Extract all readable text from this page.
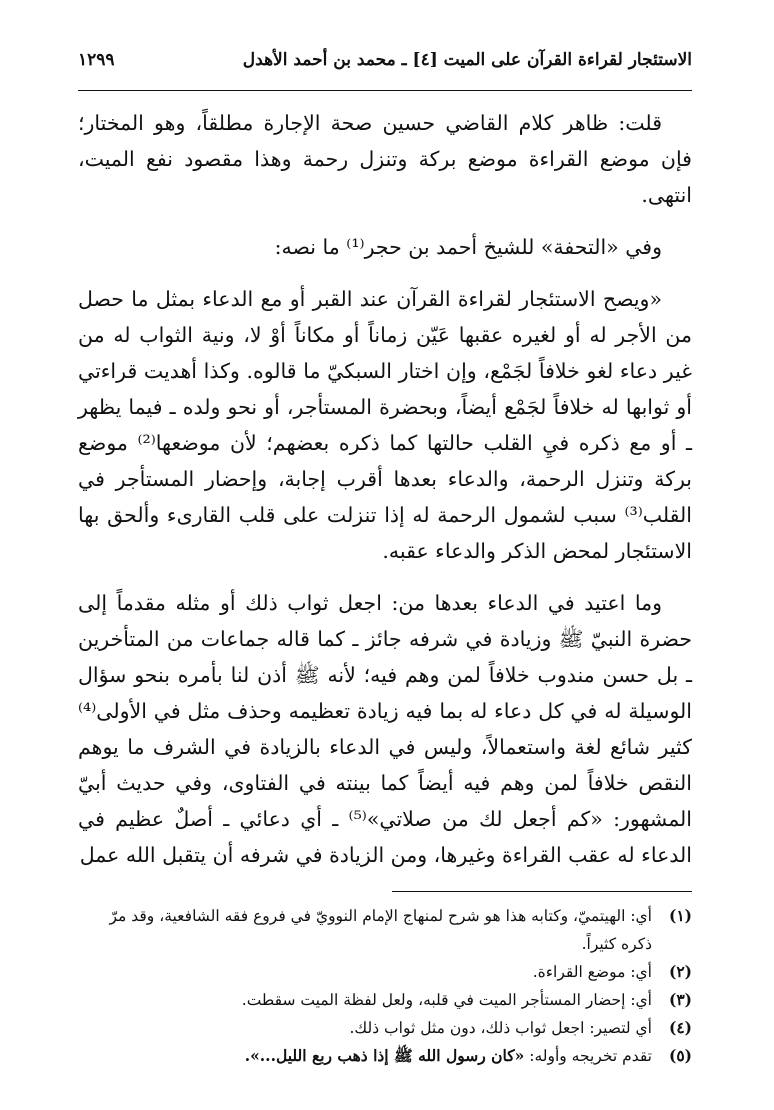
الاستئجار لقراءة القرآن على الميت [٤] ـ محمد بن أحمد الأهدل
١٢٩٩

قلت: ظاهر كلام القاضي حسين صحة الإجارة مطلقاً، وهو المختار؛ فإن موضع القراءة موضع بركة وتنزل رحمة وهذا مقصود نفع الميت، انتهى.

وفي «التحفة» للشيخ أحمد بن حجر⁽¹⁾ ما نصه:

«ويصح الاستئجار لقراءة القرآن عند القبر أو مع الدعاء بمثل ما حصل من الأجر له أو لغيره عقبها عَيّن زماناً أو مكاناً أوْ لا، ونية الثواب له من غير دعاء لغو خلافاً لجَمْع، وإن اختار السبكيّ ما قالوه. وكذا أهديت قراءتي أو ثوابها له خلافاً لجَمْع أيضاً، وبحضرة المستأجر، أو نحو ولده ـ فيما يظهر ـ أو مع ذكره فيِ القلب حالتها كما ذكره بعضهم؛ لأن موضعها⁽²⁾ موضع بركة وتنزل الرحمة، والدعاء بعدها أقرب إجابة، وإحضار المستأجر في القلب⁽³⁾ سبب لشمول الرحمة له إذا تنزلت على قلب القارىء وألحق بها الاستئجار لمحض الذكر والدعاء عقبه.

وما اعتيد في الدعاء بعدها من: اجعل ثواب ذلك أو مثله مقدماً إلى حضرة النبيّ ﷺ وزيادة في شرفه جائز ـ كما قاله جماعات من المتأخرين ـ بل حسن مندوب خلافاً لمن وهم فيه؛ لأنه ﷺ أذن لنا بأمره بنحو سؤال الوسيلة له في كل دعاء له بما فيه زيادة تعظيمه وحذف مثل في الأولى⁽⁴⁾ كثير شائع لغة واستعمالاً، وليس في الدعاء بالزيادة في الشرف ما يوهم النقص خلافاً لمن وهم فيه أيضاً كما بينته في الفتاوى، وفي حديث أبيّ المشهور: «كم أجعل لك من صلاتي»⁽⁵⁾ ـ أي دعائي ـ أصلٌ عظيم في الدعاء له عقب القراءة وغيرها، ومن الزيادة في شرفه أن يتقبل الله عمل

(١)
أي: الهيتميّ، وكتابه هذا هو شرح لمنهاج الإمام النوويّ في فروع فقه الشافعية، وقد مرّ ذكره كثيراً.
(٢)
أي: موضع القراءة.
(٣)
أي: إحضار المستأجر الميت في قلبه، ولعل لفظة الميت سقطت.
(٤)
أي لتصير: اجعل ثواب ذلك، دون مثل ثواب ذلك.
(٥)
تقدم تخريجه وأوله: «كان رسول الله ﷺ إذا ذهب ربع الليل...».
